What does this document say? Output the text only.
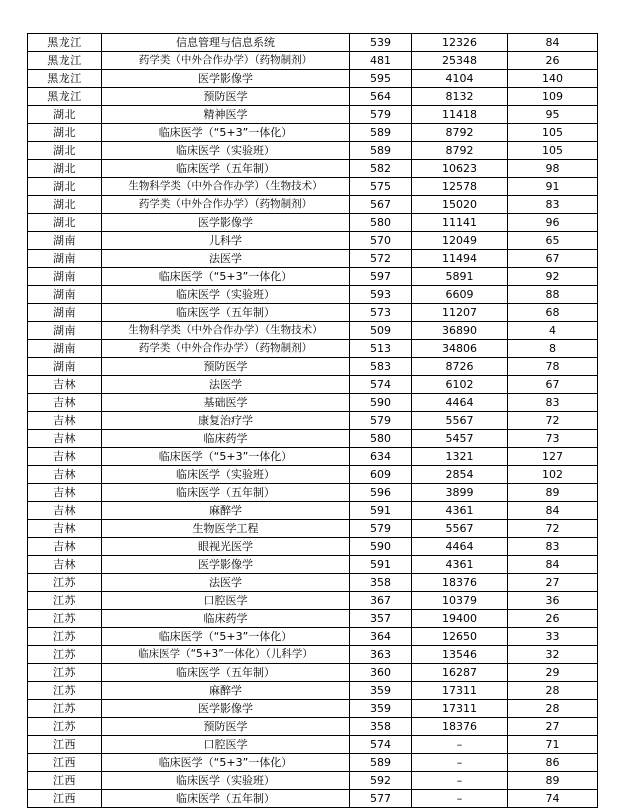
黑龙江	信息管理与信息系统	539	12326	84
黑龙江	药学类（中外合作办学）（药物制剂）	481	25348	26
黑龙江	医学影像学	595	4104	140
黑龙江	预防医学	564	8132	109
湖北	精神医学	579	11418	95
湖北	临床医学（“5+3”一体化）	589	8792	105
湖北	临床医学（实验班）	589	8792	105
湖北	临床医学（五年制）	582	10623	98
湖北	生物科学类（中外合作办学）（生物技术）	575	12578	91
湖北	药学类（中外合作办学）（药物制剂）	567	15020	83
湖北	医学影像学	580	11141	96
湖南	儿科学	570	12049	65
湖南	法医学	572	11494	67
湖南	临床医学（“5+3”一体化）	597	5891	92
湖南	临床医学（实验班）	593	6609	88
湖南	临床医学（五年制）	573	11207	68
湖南	生物科学类（中外合作办学）（生物技术）	509	36890	4
湖南	药学类（中外合作办学）（药物制剂）	513	34806	8
湖南	预防医学	583	8726	78
吉林	法医学	574	6102	67
吉林	基础医学	590	4464	83
吉林	康复治疗学	579	5567	72
吉林	临床药学	580	5457	73
吉林	临床医学（“5+3”一体化）	634	1321	127
吉林	临床医学（实验班）	609	2854	102
吉林	临床医学（五年制）	596	3899	89
吉林	麻醉学	591	4361	84
吉林	生物医学工程	579	5567	72
吉林	眼视光医学	590	4464	83
吉林	医学影像学	591	4361	84
江苏	法医学	358	18376	27
江苏	口腔医学	367	10379	36
江苏	临床药学	357	19400	26
江苏	临床医学（“5+3”一体化）	364	12650	33
江苏	临床医学（“5+3”一体化）（儿科学）	363	13546	32
江苏	临床医学（五年制）	360	16287	29
江苏	麻醉学	359	17311	28
江苏	医学影像学	359	17311	28
江苏	预防医学	358	18376	27
江西	口腔医学	574	–	71
江西	临床医学（“5+3”一体化）	589	–	86
江西	临床医学（实验班）	592	–	89
江西	临床医学（五年制）	577	–	74
